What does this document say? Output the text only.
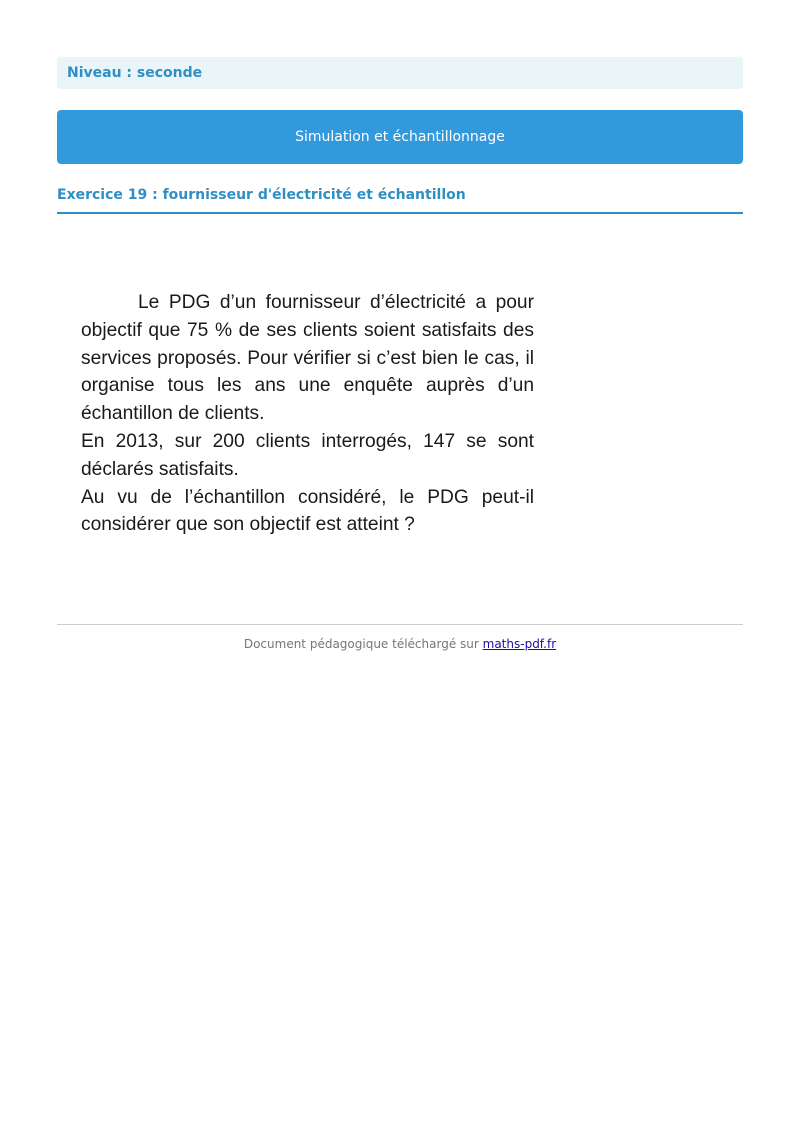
Niveau : seconde
Simulation et échantillonnage
Exercice 19 : fournisseur d'électricité et échantillon

Le PDG d’un fournisseur d’électricité a pour objectif que 75 % de ses clients soient satisfaits des services proposés. Pour vérifier si c’est bien le cas, il organise tous les ans une enquête auprès d’un échantillon de clients.

En 2013, sur 200 clients interrogés, 147 se sont déclarés satisfaits.

Au vu de l’échantillon considéré, le PDG peut-il considérer que son objectif est atteint ?

Document pédagogique téléchargé sur maths-pdf.fr
